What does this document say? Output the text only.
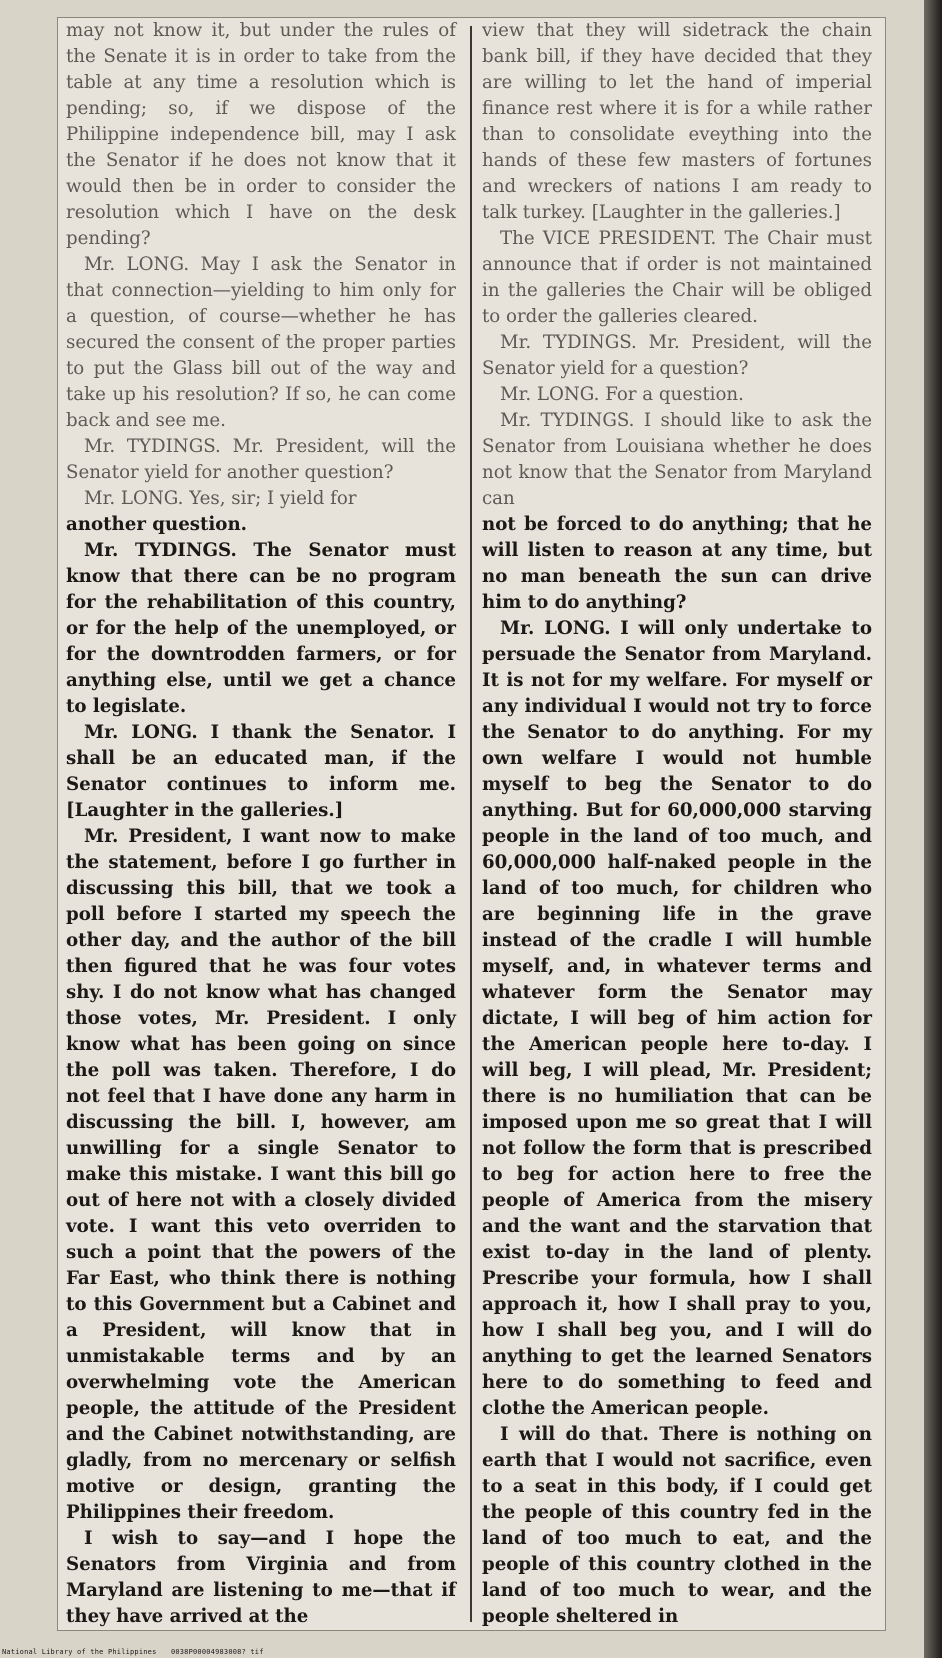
may not know it, but under the rules of the Senate it is in order to take from the table at any time a resolution which is pending; so, if we dispose of the Philippine independence bill, may I ask the Senator if he does not know that it would then be in order to consider the resolution which I have on the desk pending?

Mr. LONG. May I ask the Senator in that connection—yielding to him only for a question, of course—whether he has secured the consent of the proper parties to put the Glass bill out of the way and take up his resolution? If so, he can come back and see me.

Mr. TYDINGS. Mr. President, will the Senator yield for another question?

Mr. LONG. Yes, sir; I yield for

another question.

Mr. TYDINGS. The Senator must know that there can be no program for the rehabilitation of this country, or for the help of the unemployed, or for the downtrodden farmers, or for anything else, until we get a chance to legislate.

Mr. LONG. I thank the Senator. I shall be an educated man, if the Senator continues to inform me. [Laughter in the galleries.]

Mr. President, I want now to make the statement, before I go further in discussing this bill, that we took a poll before I started my speech the other day, and the author of the bill then figured that he was four votes shy. I do not know what has changed those votes, Mr. President. I only know what has been going on since the poll was taken. Therefore, I do not feel that I have done any harm in discussing the bill. I, however, am unwilling for a single Senator to make this mistake. I want this bill go out of here not with a closely divided vote. I want this veto overriden to such a point that the powers of the Far East, who think there is nothing to this Government but a Cabinet and a President, will know that in unmistakable terms and by an overwhelming vote the American people, the attitude of the President and the Cabinet notwithstanding, are gladly, from no mercenary or selfish motive or design, granting the Philippines their freedom.

I wish to say—and I hope the Senators from Virginia and from Maryland are listening to me—that if they have arrived at the

view that they will sidetrack the chain bank bill, if they have decided that they are willing to let the hand of imperial finance rest where it is for a while rather than to consolidate eveything into the hands of these few masters of fortunes and wreckers of nations I am ready to talk turkey. [Laughter in the galleries.]

The VICE PRESIDENT. The Chair must announce that if order is not maintained in the galleries the Chair will be obliged to order the galleries cleared.

Mr. TYDINGS. Mr. President, will the Senator yield for a question?

Mr. LONG. For a question.

Mr. TYDINGS. I should like to ask the Senator from Louisiana whether he does not know that the Senator from Maryland can

not be forced to do anything; that he will listen to reason at any time, but no man beneath the sun can drive him to do anything?

Mr. LONG. I will only undertake to persuade the Senator from Maryland. It is not for my welfare. For myself or any individual I would not try to force the Senator to do anything. For my own welfare I would not humble myself to beg the Senator to do anything. But for 60,000,000 starving people in the land of too much, and 60,000,000 half-naked people in the land of too much, for children who are beginning life in the grave instead of the cradle I will humble myself, and, in whatever terms and whatever form the Senator may dictate, I will beg of him action for the American people here to-day. I will beg, I will plead, Mr. President; there is no humiliation that can be imposed upon me so great that I will not follow the form that is prescribed to beg for action here to free the people of America from the misery and the want and the starvation that exist to-day in the land of plenty. Prescribe your formula, how I shall approach it, how I shall pray to you, how I shall beg you, and I will do anything to get the learned Senators here to do something to feed and clothe the American people.

I will do that. There is nothing on earth that I would not sacrifice, even to a seat in this body, if I could get the people of this country fed in the land of too much to eat, and the people of this country clothed in the land of too much to wear, and the people sheltered in

National Library of the Philippines 0038P00004983008? tif
